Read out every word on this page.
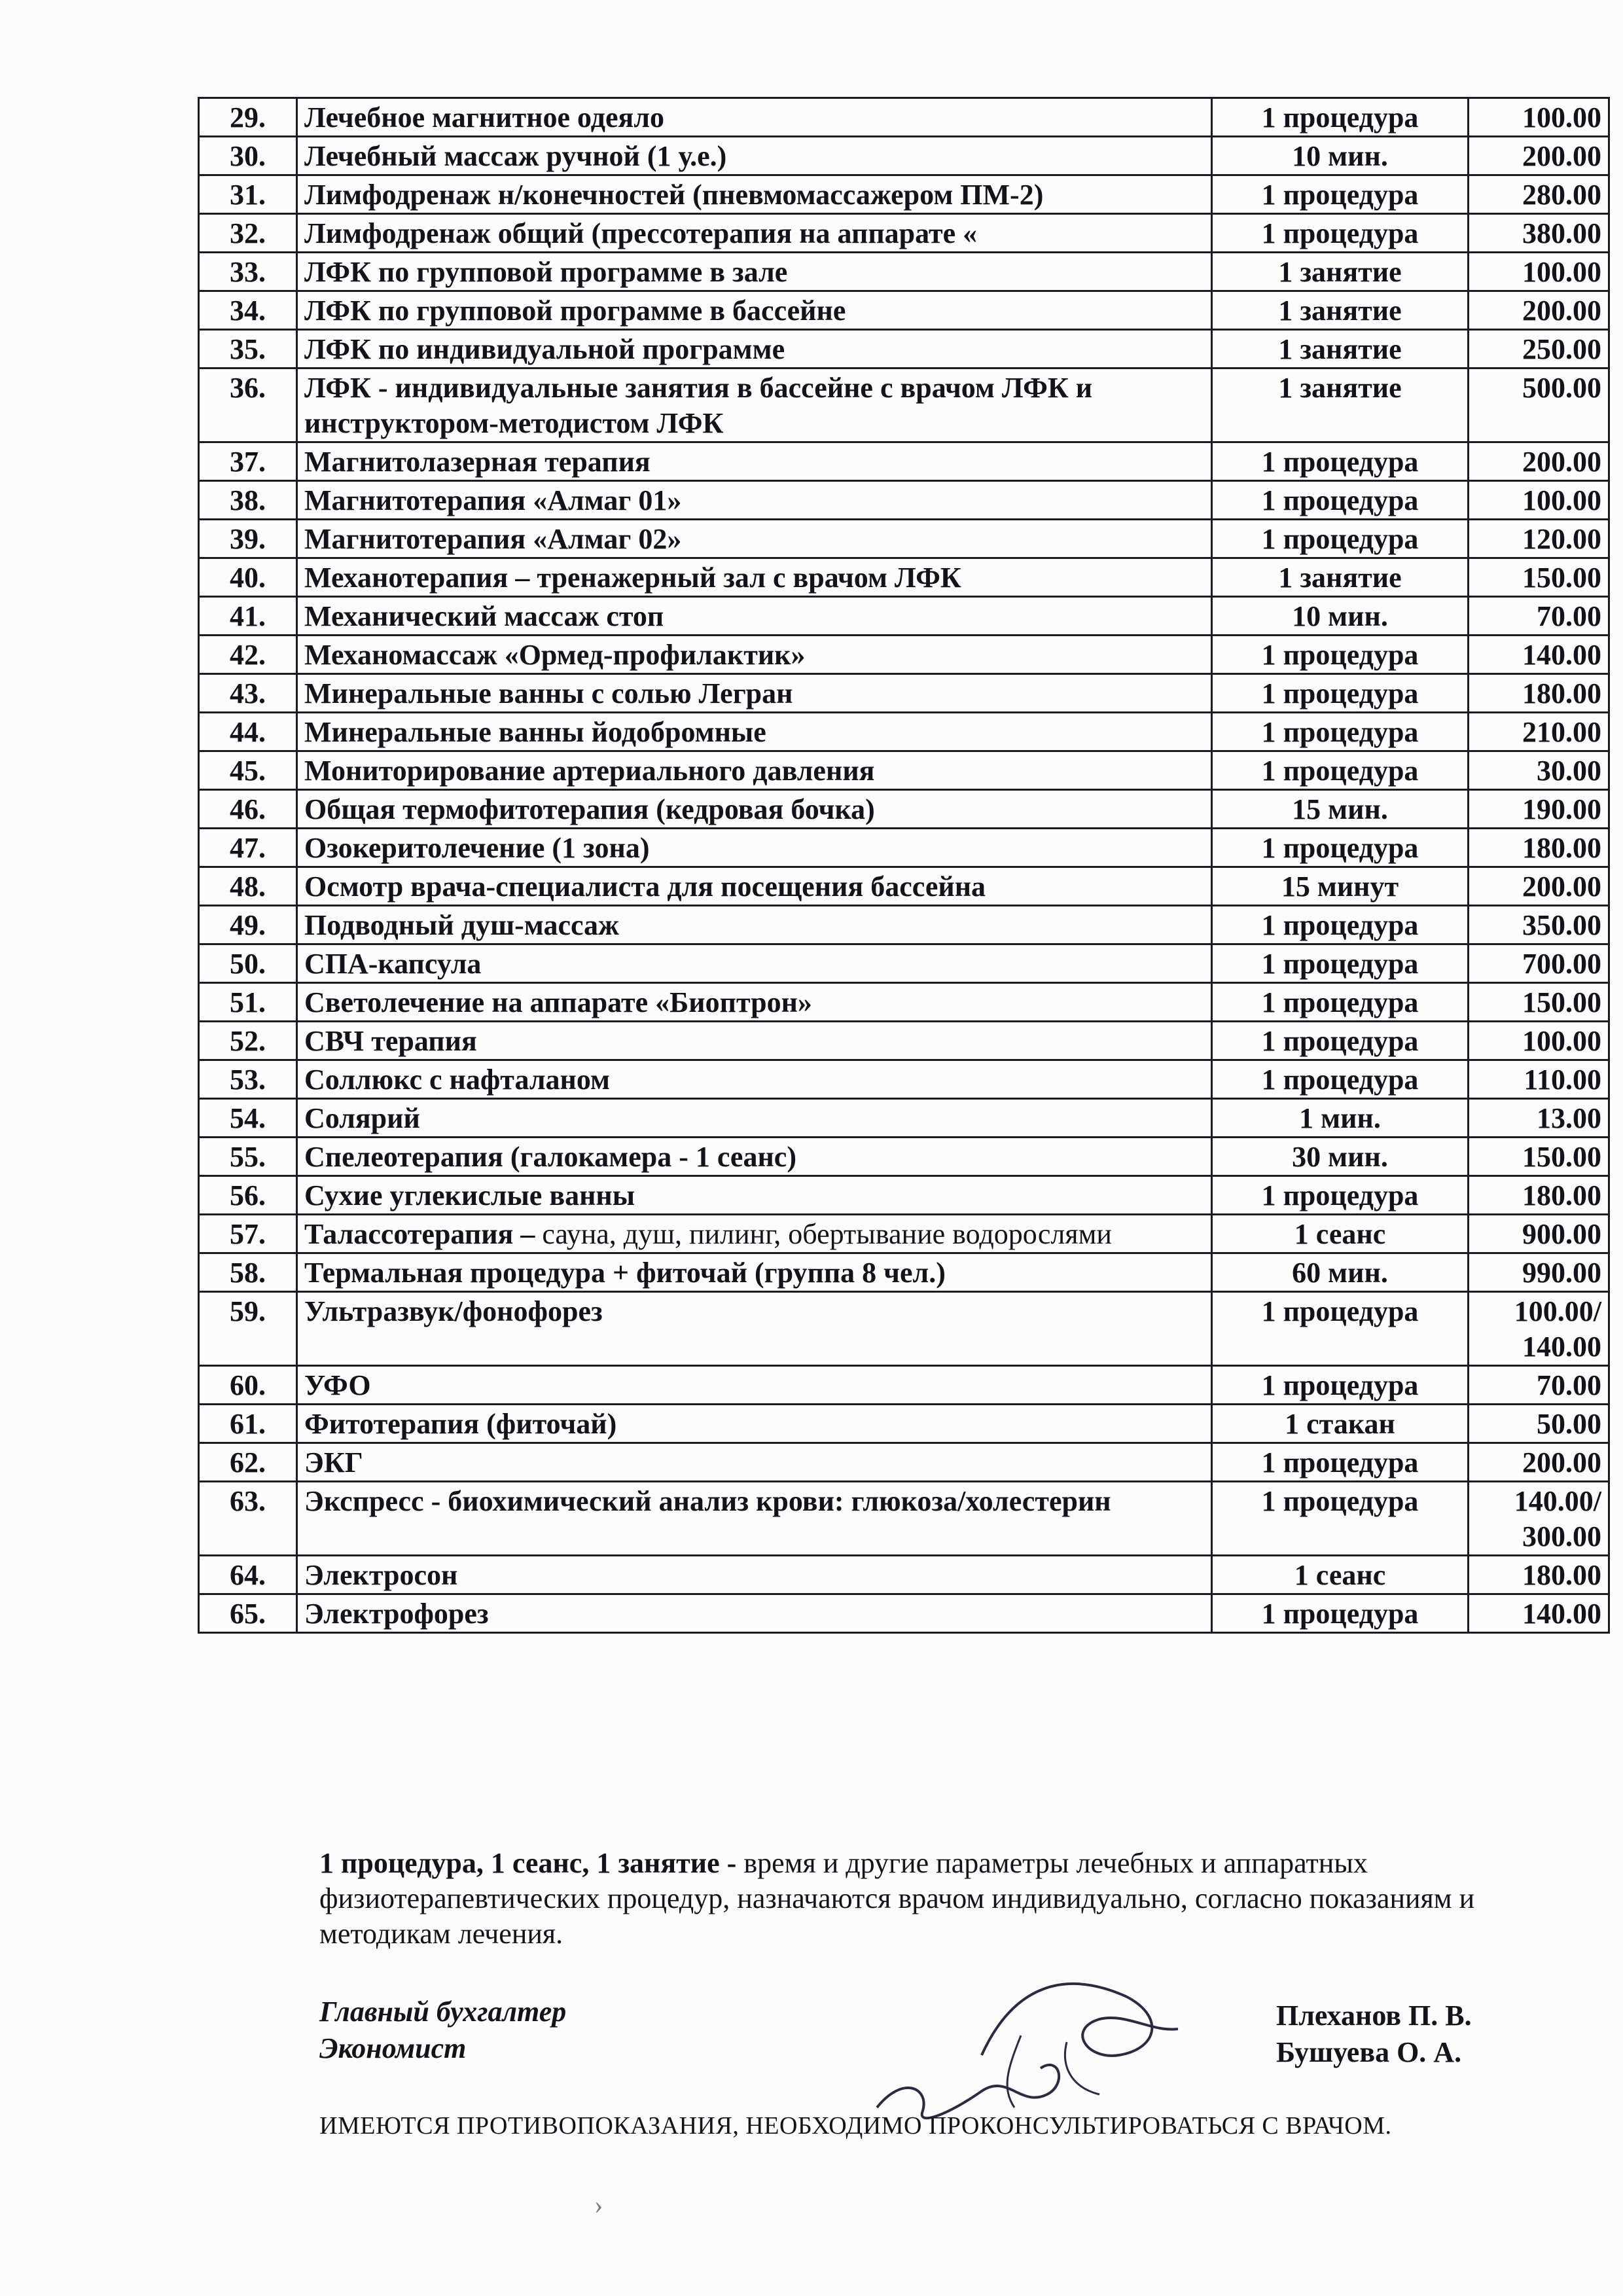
29.	Лечебное магнитное одеяло	1 процедура	100.00
30.	Лечебный массаж ручной (1 у.е.)	10 мин.	200.00
31.	Лимфодренаж н/конечностей (пневмомассажером ПМ-2)	1 процедура	280.00
32.	Лимфодренаж общий (прессотерапия на аппарате «	1 процедура	380.00
33.	ЛФК по групповой программе в зале	1 занятие	100.00
34.	ЛФК по групповой программе в бассейне	1 занятие	200.00
35.	ЛФК по индивидуальной программе	1 занятие	250.00
36.	ЛФК - индивидуальные занятия в бассейне с врачом ЛФК и инструктором-методистом ЛФК	1 занятие	500.00
37.	Магнитолазерная терапия	1 процедура	200.00
38.	Магнитотерапия «Алмаг 01»	1 процедура	100.00
39.	Магнитотерапия «Алмаг 02»	1 процедура	120.00
40.	Механотерапия – тренажерный зал с врачом ЛФК	1 занятие	150.00
41.	Механический массаж стоп	10 мин.	70.00
42.	Механомассаж «Ормед-профилактик»	1 процедура	140.00
43.	Минеральные ванны с солью Легран	1 процедура	180.00
44.	Минеральные ванны йодобромные	1 процедура	210.00
45.	Мониторирование артериального давления	1 процедура	30.00
46.	Общая термофитотерапия (кедровая бочка)	15 мин.	190.00
47.	Озокеритолечение (1 зона)	1 процедура	180.00
48.	Осмотр врача-специалиста для посещения бассейна	15 минут	200.00
49.	Подводный душ-массаж	1 процедура	350.00
50.	СПА-капсула	1 процедура	700.00
51.	Светолечение на аппарате «Биоптрон»	1 процедура	150.00
52.	СВЧ терапия	1 процедура	100.00
53.	Соллюкс с нафталаном	1 процедура	110.00
54.	Солярий	1 мин.	13.00
55.	Спелеотерапия (галокамера - 1 сеанс)	30 мин.	150.00
56.	Сухие углекислые ванны	1 процедура	180.00
57.	Талассотерапия – сауна, душ, пилинг, обертывание водорослями	1 сеанс	900.00
58.	Термальная процедура + фиточай (группа 8 чел.)	60 мин.	990.00
59.	Ультразвук/фонофорез	1 процедура	100.00/ 140.00
60.	УФО	1 процедура	70.00
61.	Фитотерапия (фиточай)	1 стакан	50.00
62.	ЭКГ	1 процедура	200.00
63.	Экспресс - биохимический анализ крови: глюкоза/холестерин	1 процедура	140.00/ 300.00
64.	Электросон	1 сеанс	180.00
65.	Электрофорез	1 процедура	140.00
1 процедура, 1 сеанс, 1 занятие - время и другие параметры лечебных и аппаратных физиотерапевтических процедур, назначаются врачом индивидуально, согласно показаниям и методикам лечения.
Главный бухгалтер
Экономист
Плеханов П. В.
Бушуева О. А.
ИМЕЮТСЯ ПРОТИВОПОКАЗАНИЯ, НЕОБХОДИМО ПРОКОНСУЛЬТИРОВАТЬСЯ С ВРАЧОМ.
›
